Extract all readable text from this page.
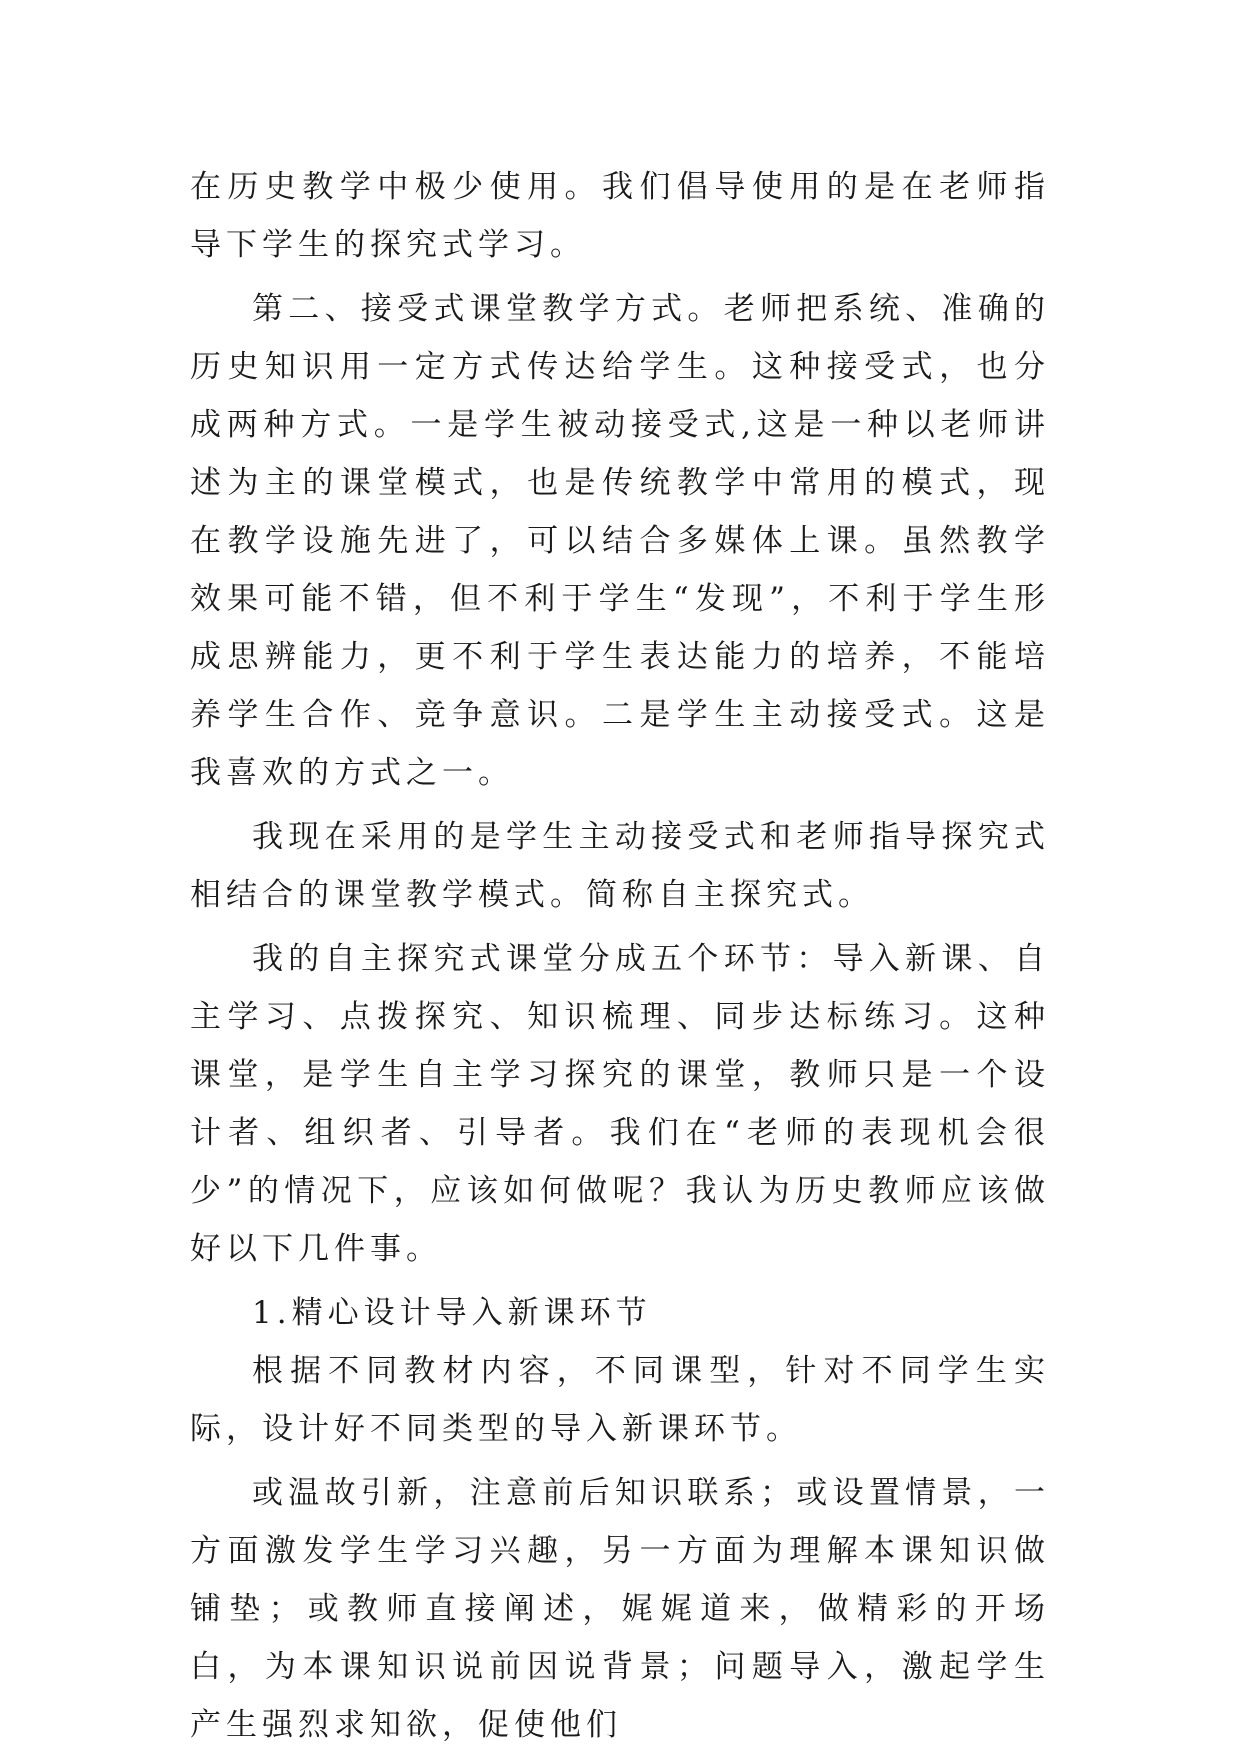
在历史教学中极少使用。我们倡导使用的是在老师指导下学生的探究式学习。

第二、接受式课堂教学方式。老师把系统、准确的历史知识用一定方式传达给学生。这种接受式，也分成两种方式。一是学生被动接受式,这是一种以老师讲述为主的课堂模式，也是传统教学中常用的模式，现在教学设施先进了，可以结合多媒体上课。虽然教学效果可能不错，但不利于学生“发现”，不利于学生形成思辨能力，更不利于学生表达能力的培养，不能培养学生合作、竞争意识。二是学生主动接受式。这是我喜欢的方式之一。

我现在采用的是学生主动接受式和老师指导探究式相结合的课堂教学模式。简称自主探究式。

我的自主探究式课堂分成五个环节：导入新课、自主学习、点拨探究、知识梳理、同步达标练习。这种课堂，是学生自主学习探究的课堂，教师只是一个设计者、组织者、引导者。我们在“老师的表现机会很少”的情况下，应该如何做呢？我认为历史教师应该做好以下几件事。

1.精心设计导入新课环节

根据不同教材内容，不同课型，针对不同学生实际，设计好不同类型的导入新课环节。

或温故引新，注意前后知识联系；或设置情景，一方面激发学生学习兴趣，另一方面为理解本课知识做铺垫；或教师直接阐述，娓娓道来，做精彩的开场白，为本课知识说前因说背景；问题导入，激起学生产生强烈求知欲，促使他们
